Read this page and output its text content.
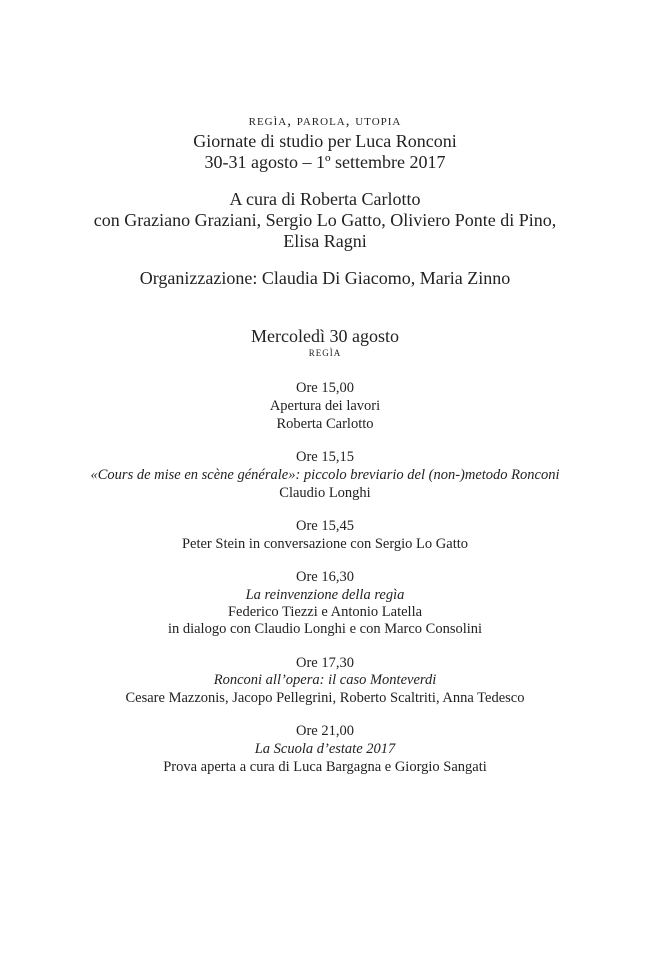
regìa, parola, utopia
Giornate di studio per Luca Ronconi
30-31 agosto – 1º settembre 2017
A cura di Roberta Carlotto
con Graziano Graziani, Sergio Lo Gatto, Oliviero Ponte di Pino,
Elisa Ragni
Organizzazione: Claudia Di Giacomo, Maria Zinno
Mercoledì 30 agosto
regìa
Ore 15,00
Apertura dei lavori
Roberta Carlotto
Ore 15,15
«Cours de mise en scène générale»: piccolo breviario del (non-)metodo Ronconi
Claudio Longhi
Ore 15,45
Peter Stein in conversazione con Sergio Lo Gatto
Ore 16,30
La reinvenzione della regìa
Federico Tiezzi e Antonio Latella
in dialogo con Claudio Longhi e con Marco Consolini
Ore 17,30
Ronconi all’opera: il caso Monteverdi
Cesare Mazzonis, Jacopo Pellegrini, Roberto Scaltriti, Anna Tedesco
Ore 21,00
La Scuola d’estate 2017
Prova aperta a cura di Luca Bargagna e Giorgio Sangati
